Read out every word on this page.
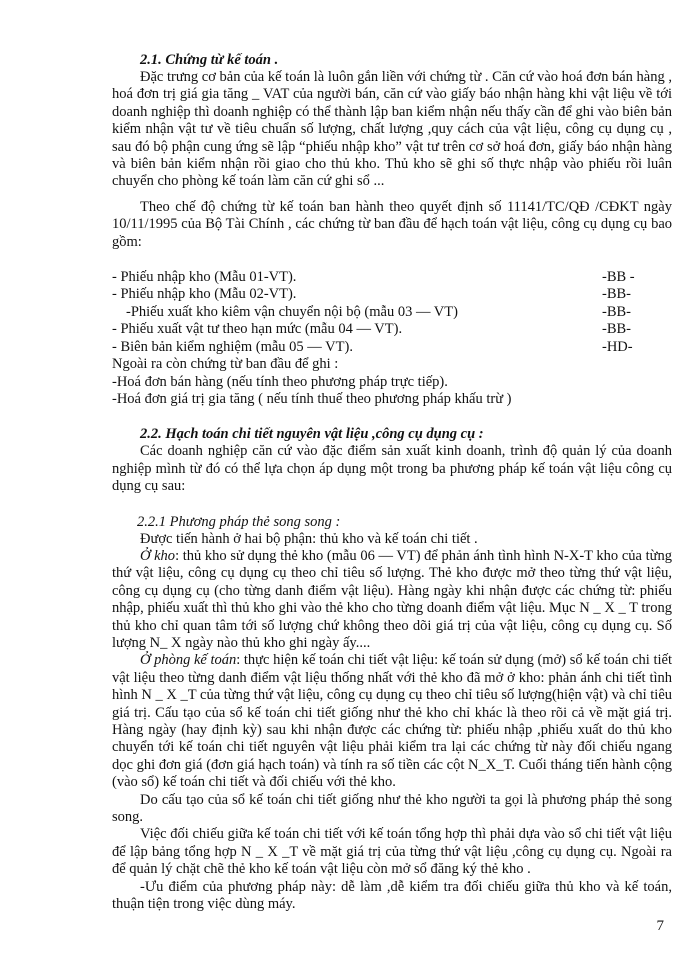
2.1. Chứng từ kế toán .

Đặc trưng cơ bản của kế toán là luôn gắn liền với chứng từ . Căn cứ vào hoá đơn bán hàng , hoá đơn trị giá gia tăng _ VAT của người bán, căn cứ vào giấy báo nhận hàng khi vật liệu về tới doanh nghiệp thì doanh nghiệp có thể thành lập ban kiểm nhận nếu thấy cần để ghi vào biên bản kiểm nhận vật tư về tiêu chuẩn số lượng, chất lượng ,quy cách của vật liệu, công cụ dụng cụ , sau đó bộ phận cung ứng sẽ lập “phiếu nhập kho” vật tư trên cơ sở hoá đơn, giấy báo nhận hàng và biên bản kiểm nhận rồi giao cho thủ kho. Thủ kho sẽ ghi số thực nhập vào phiếu rồi luân chuyển cho phòng kế toán làm căn cứ ghi sổ ...

Theo chế độ chứng từ kế toán ban hành theo quyết định số 11141/TC/QĐ /CĐKT ngày 10/11/1995 của Bộ Tài Chính , các chứng từ ban đầu để hạch toán vật liệu, công cụ dụng cụ bao gồm:

- Phiếu nhập kho (Mẫu 01-VT).	-BB -
- Phiếu nhập kho (Mẫu 02-VT).	-BB-
-Phiếu xuất kho kiêm vận chuyển nội bộ (mẫu 03 — VT)	-BB-
- Phiếu xuất vật tư theo hạn mức (mẫu 04 — VT).	-BB-
- Biên bản kiểm nghiệm (mẫu 05 — VT).	-HD-

Ngoài ra còn chứng từ ban đầu để ghi :

-Hoá đơn bán hàng (nếu tính theo phương pháp trực tiếp).

-Hoá đơn giá trị gia tăng ( nếu tính thuế theo phương pháp khấu trừ )

2.2. Hạch toán chi tiết nguyên vật liệu ,công cụ dụng cụ :

Các doanh nghiệp căn cứ vào đặc điểm sản xuất kinh doanh, trình độ quản lý của doanh nghiệp mình từ đó có thể lựa chọn áp dụng một trong ba phương pháp kế toán vật liệu công cụ dụng cụ sau:

2.2.1 Phương pháp thẻ song song :

Được tiến hành ở hai bộ phận: thủ kho và kế toán chi tiết .

Ở kho: thủ kho sử dụng thẻ kho (mẫu 06 — VT) để phản ánh tình hình N-X-T kho của từng thứ vật liệu, công cụ dụng cụ theo chỉ tiêu số lượng. Thẻ kho được mở theo từng thứ vật liệu, công cụ dụng cụ (cho từng danh điểm vật liệu). Hàng ngày khi nhận được các chứng từ: phiếu nhập, phiếu xuất thì thủ kho ghi vào thẻ kho cho từng doanh điểm vật liệu. Mục N _ X _ T trong thủ kho chỉ quan tâm tới số lượng chứ không theo dõi giá trị của vật liệu, công cụ dụng cụ. Số lượng N_ X ngày nào thủ kho ghi ngày ấy....

Ở phòng kế toán: thực hiện kế toán chi tiết vật liệu: kế toán sử dụng (mở) sổ kế toán chi tiết vật liệu theo từng danh điểm vật liệu thống nhất với thẻ kho đã mở ở kho: phản ánh chi tiết tình hình N _ X _T của từng thứ vật liệu, công cụ dụng cụ theo chỉ tiêu số lượng(hiện vật) và chỉ tiêu giá trị. Cấu tạo của sổ kế toán chi tiết giống như thẻ kho chỉ khác là theo rõi cả về mặt giá trị. Hàng ngày (hay định kỳ) sau khi nhận được các chứng từ: phiếu nhập ,phiếu xuất do thủ kho chuyển tới kế toán chi tiết nguyên vật liệu phải kiểm tra lại các chứng từ này đối chiếu ngang dọc ghi đơn giá (đơn giá hạch toán) và tính ra số tiền các cột N_X_T. Cuối tháng tiến hành cộng (vào sổ) kế toán chi tiết và đối chiếu với thẻ kho.

Do cấu tạo của sổ kế toán chi tiết giống như thẻ kho người ta gọi là phương pháp thẻ song song.

Việc đối chiếu giữa kế toán chi tiết với kế toán tổng hợp thì phải dựa vào sổ chi tiết vật liệu để lập bảng tổng hợp N _ X _T về mặt giá trị của từng thứ vật liệu ,công cụ dụng cụ. Ngoài ra để quản lý chặt chẽ thẻ kho kế toán vật liệu còn mở sổ đăng ký thẻ kho .

-Ưu điểm của phương pháp này: dễ làm ,dễ kiểm tra đối chiếu giữa thủ kho và kế toán, thuận tiện trong việc dùng máy.

7
